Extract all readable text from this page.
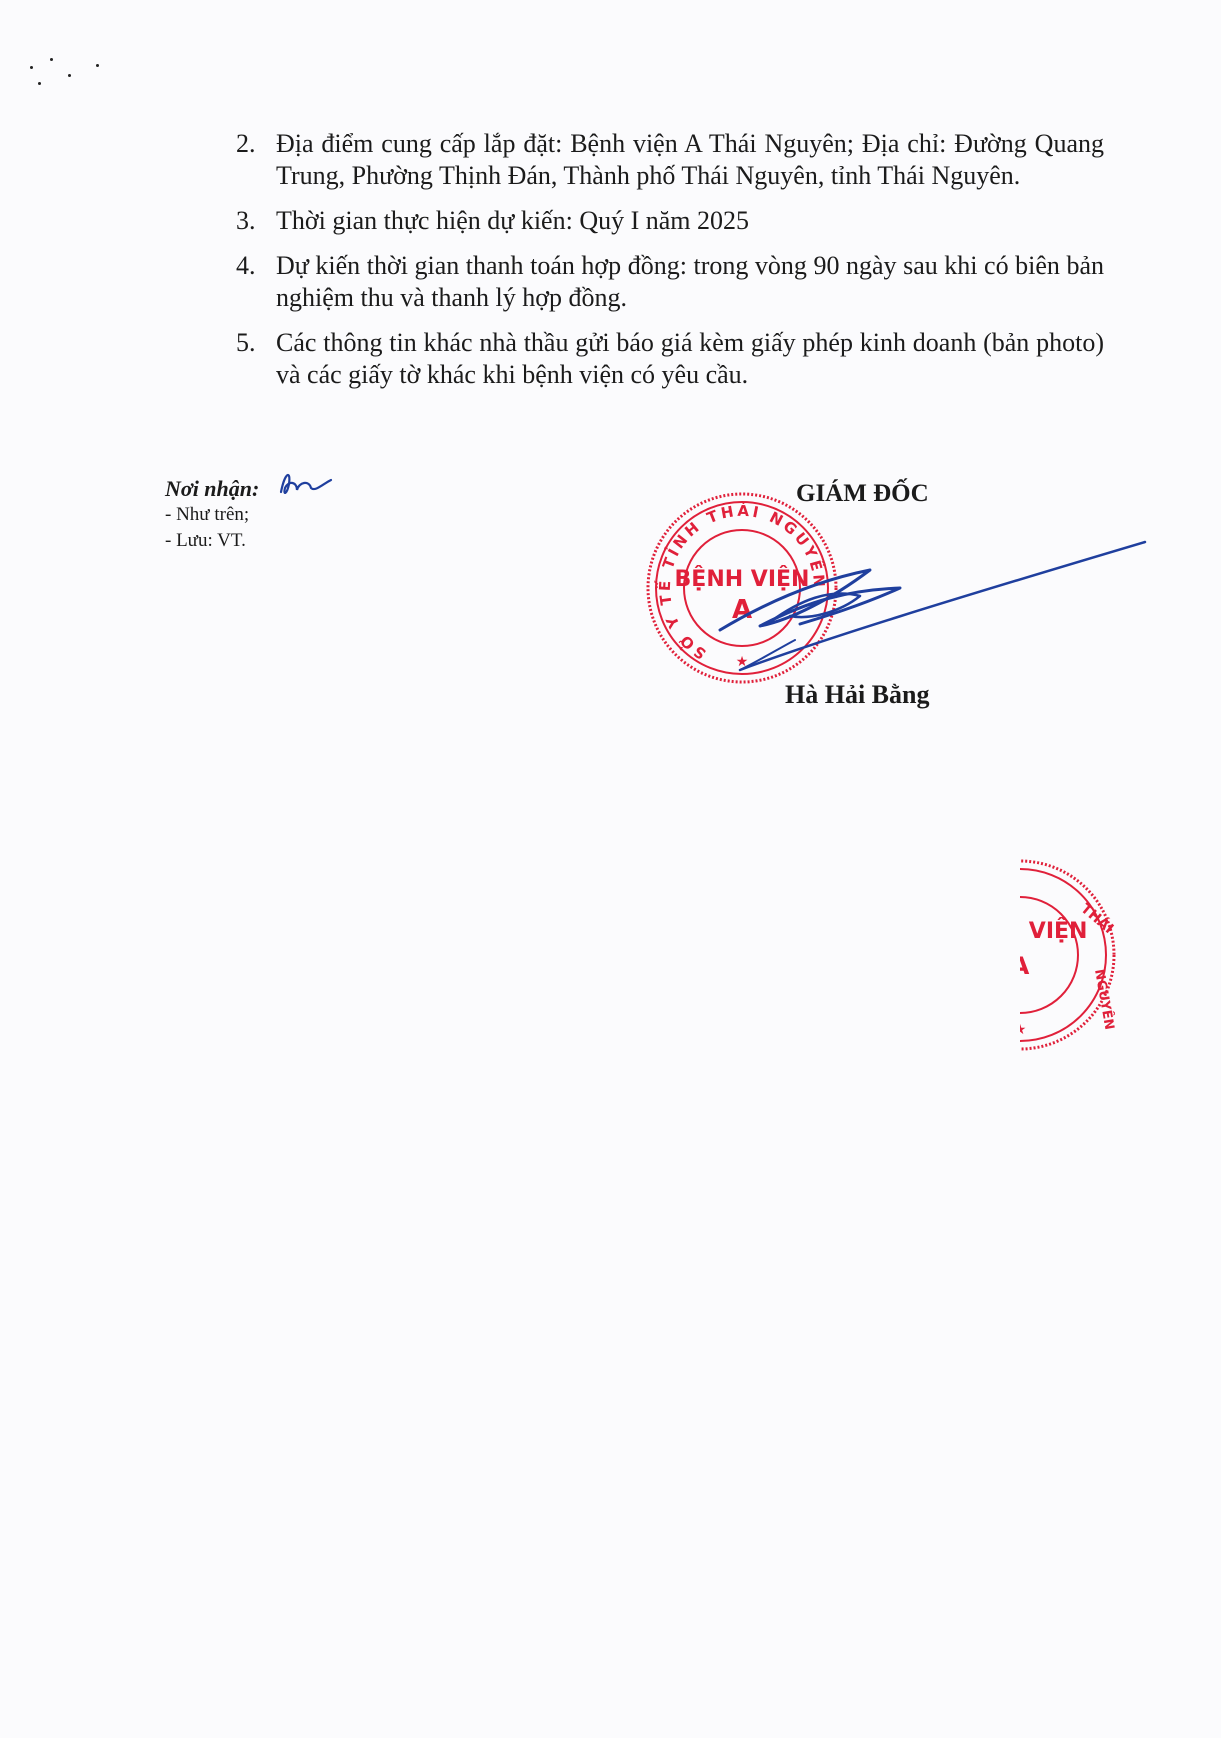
2. Địa điểm cung cấp lắp đặt: Bệnh viện A Thái Nguyên; Địa chỉ: Đường Quang Trung, Phường Thịnh Đán, Thành phố Thái Nguyên, tỉnh Thái Nguyên.
3. Thời gian thực hiện dự kiến: Quý I năm 2025
4. Dự kiến thời gian thanh toán hợp đồng: trong vòng 90 ngày sau khi có biên bản nghiệm thu và thanh lý hợp đồng.
5. Các thông tin khác nhà thầu gửi báo giá kèm giấy phép kinh doanh (bản photo) và các giấy tờ khác khi bệnh viện có yêu cầu.
Nơi nhận:
- Như trên;
- Lưu: VT.
GIÁM ĐỐC
SỞ Y TẾ TỈNH THÁI NGUYÊN
BỆNH VIỆN
A
★
Hà Hải Bằng
THÁI
NGUYÊN
BỆNH VIỆN
A
★
